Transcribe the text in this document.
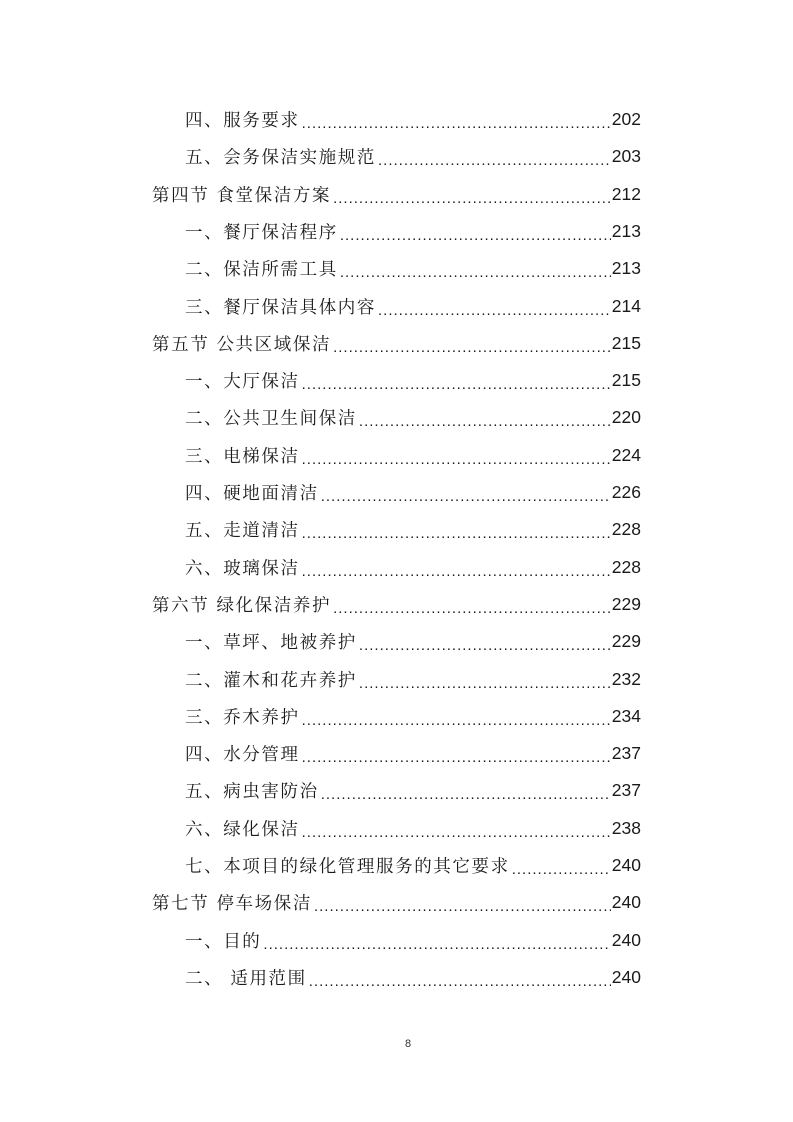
四、服务要求 .....	202
五、会务保洁实施规范 .....	203
第四节 食堂保洁方案 .....	212
一、餐厅保洁程序 .....	213
二、保洁所需工具 .....	213
三、餐厅保洁具体内容 .....	214
第五节 公共区域保洁 .....	215
一、大厅保洁 .....	215
二、公共卫生间保洁 .....	220
三、电梯保洁 .....	224
四、硬地面清洁 .....	226
五、走道清洁 .....	228
六、玻璃保洁 .....	228
第六节 绿化保洁养护 .....	229
一、草坪、地被养护 .....	229
二、灌木和花卉养护 .....	232
三、乔木养护 .....	234
四、水分管理 .....	237
五、病虫害防治 .....	237
六、绿化保洁 .....	238
七、本项目的绿化管理服务的其它要求 .....	240
第七节 停车场保洁 .....	240
一、目的 .....	240
二、 适用范围 .....	240
8
